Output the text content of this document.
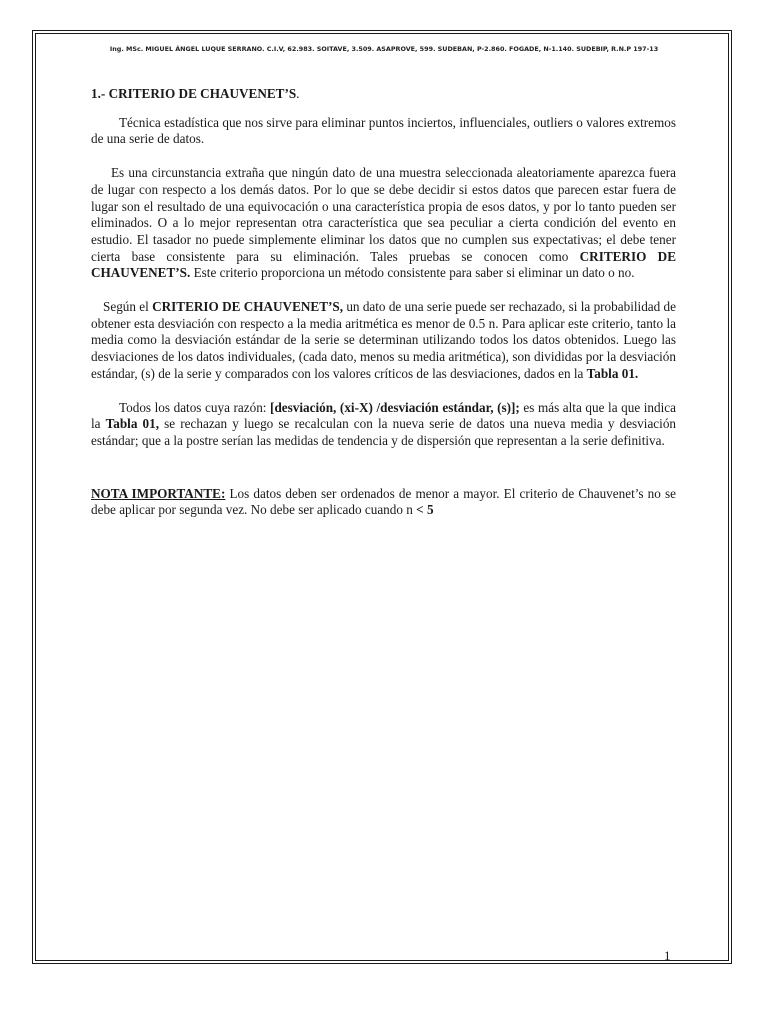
Ing. MSc. MIGUEL ÁNGEL LUQUE SERRANO. C.I.V, 62.983. SOITAVE, 3.509. ASAPROVE, 599. SUDEBAN, P-2.860. FOGADE, N-1.140. SUDEBIP, R.N.P 197-13
1.- CRITERIO DE CHAUVENET’S.

Técnica estadística que nos sirve para eliminar puntos inciertos, influenciales, outliers o valores extremos de una serie de datos.

Es una circunstancia extraña que ningún dato de una muestra seleccionada aleatoriamente aparezca fuera de lugar con respecto a los demás datos. Por lo que se debe decidir si estos datos que parecen estar fuera de lugar son el resultado de una equivocación o una característica propia de esos datos, y por lo tanto pueden ser eliminados. O a lo mejor representan otra característica que sea peculiar a cierta condición del evento en estudio. El tasador no puede simplemente eliminar los datos que no cumplen sus expectativas; el debe tener cierta base consistente para su eliminación. Tales pruebas se conocen como CRITERIO DE CHAUVENET’S. Este criterio proporciona un método consistente para saber si eliminar un dato o no.

Según el CRITERIO DE CHAUVENET’S, un dato de una serie puede ser rechazado, si la probabilidad de obtener esta desviación con respecto a la media aritmética es menor de 0.5 n. Para aplicar este criterio, tanto la media como la desviación estándar de la serie se determinan utilizando todos los datos obtenidos. Luego las desviaciones de los datos individuales, (cada dato, menos su media aritmética), son divididas por la desviación estándar, (s) de la serie y comparados con los valores críticos de las desviaciones, dados en la Tabla 01.

Todos los datos cuya razón: [desviación, (xi-X) /desviación estándar, (s)]; es más alta que la que indica la Tabla 01, se rechazan y luego se recalculan con la nueva serie de datos una nueva media y desviación estándar; que a la postre serían las medidas de tendencia y de dispersión que representan a la serie definitiva.

NOTA IMPORTANTE: Los datos deben ser ordenados de menor a mayor. El criterio de Chauvenet’s no se debe aplicar por segunda vez. No debe ser aplicado cuando n < 5

1
